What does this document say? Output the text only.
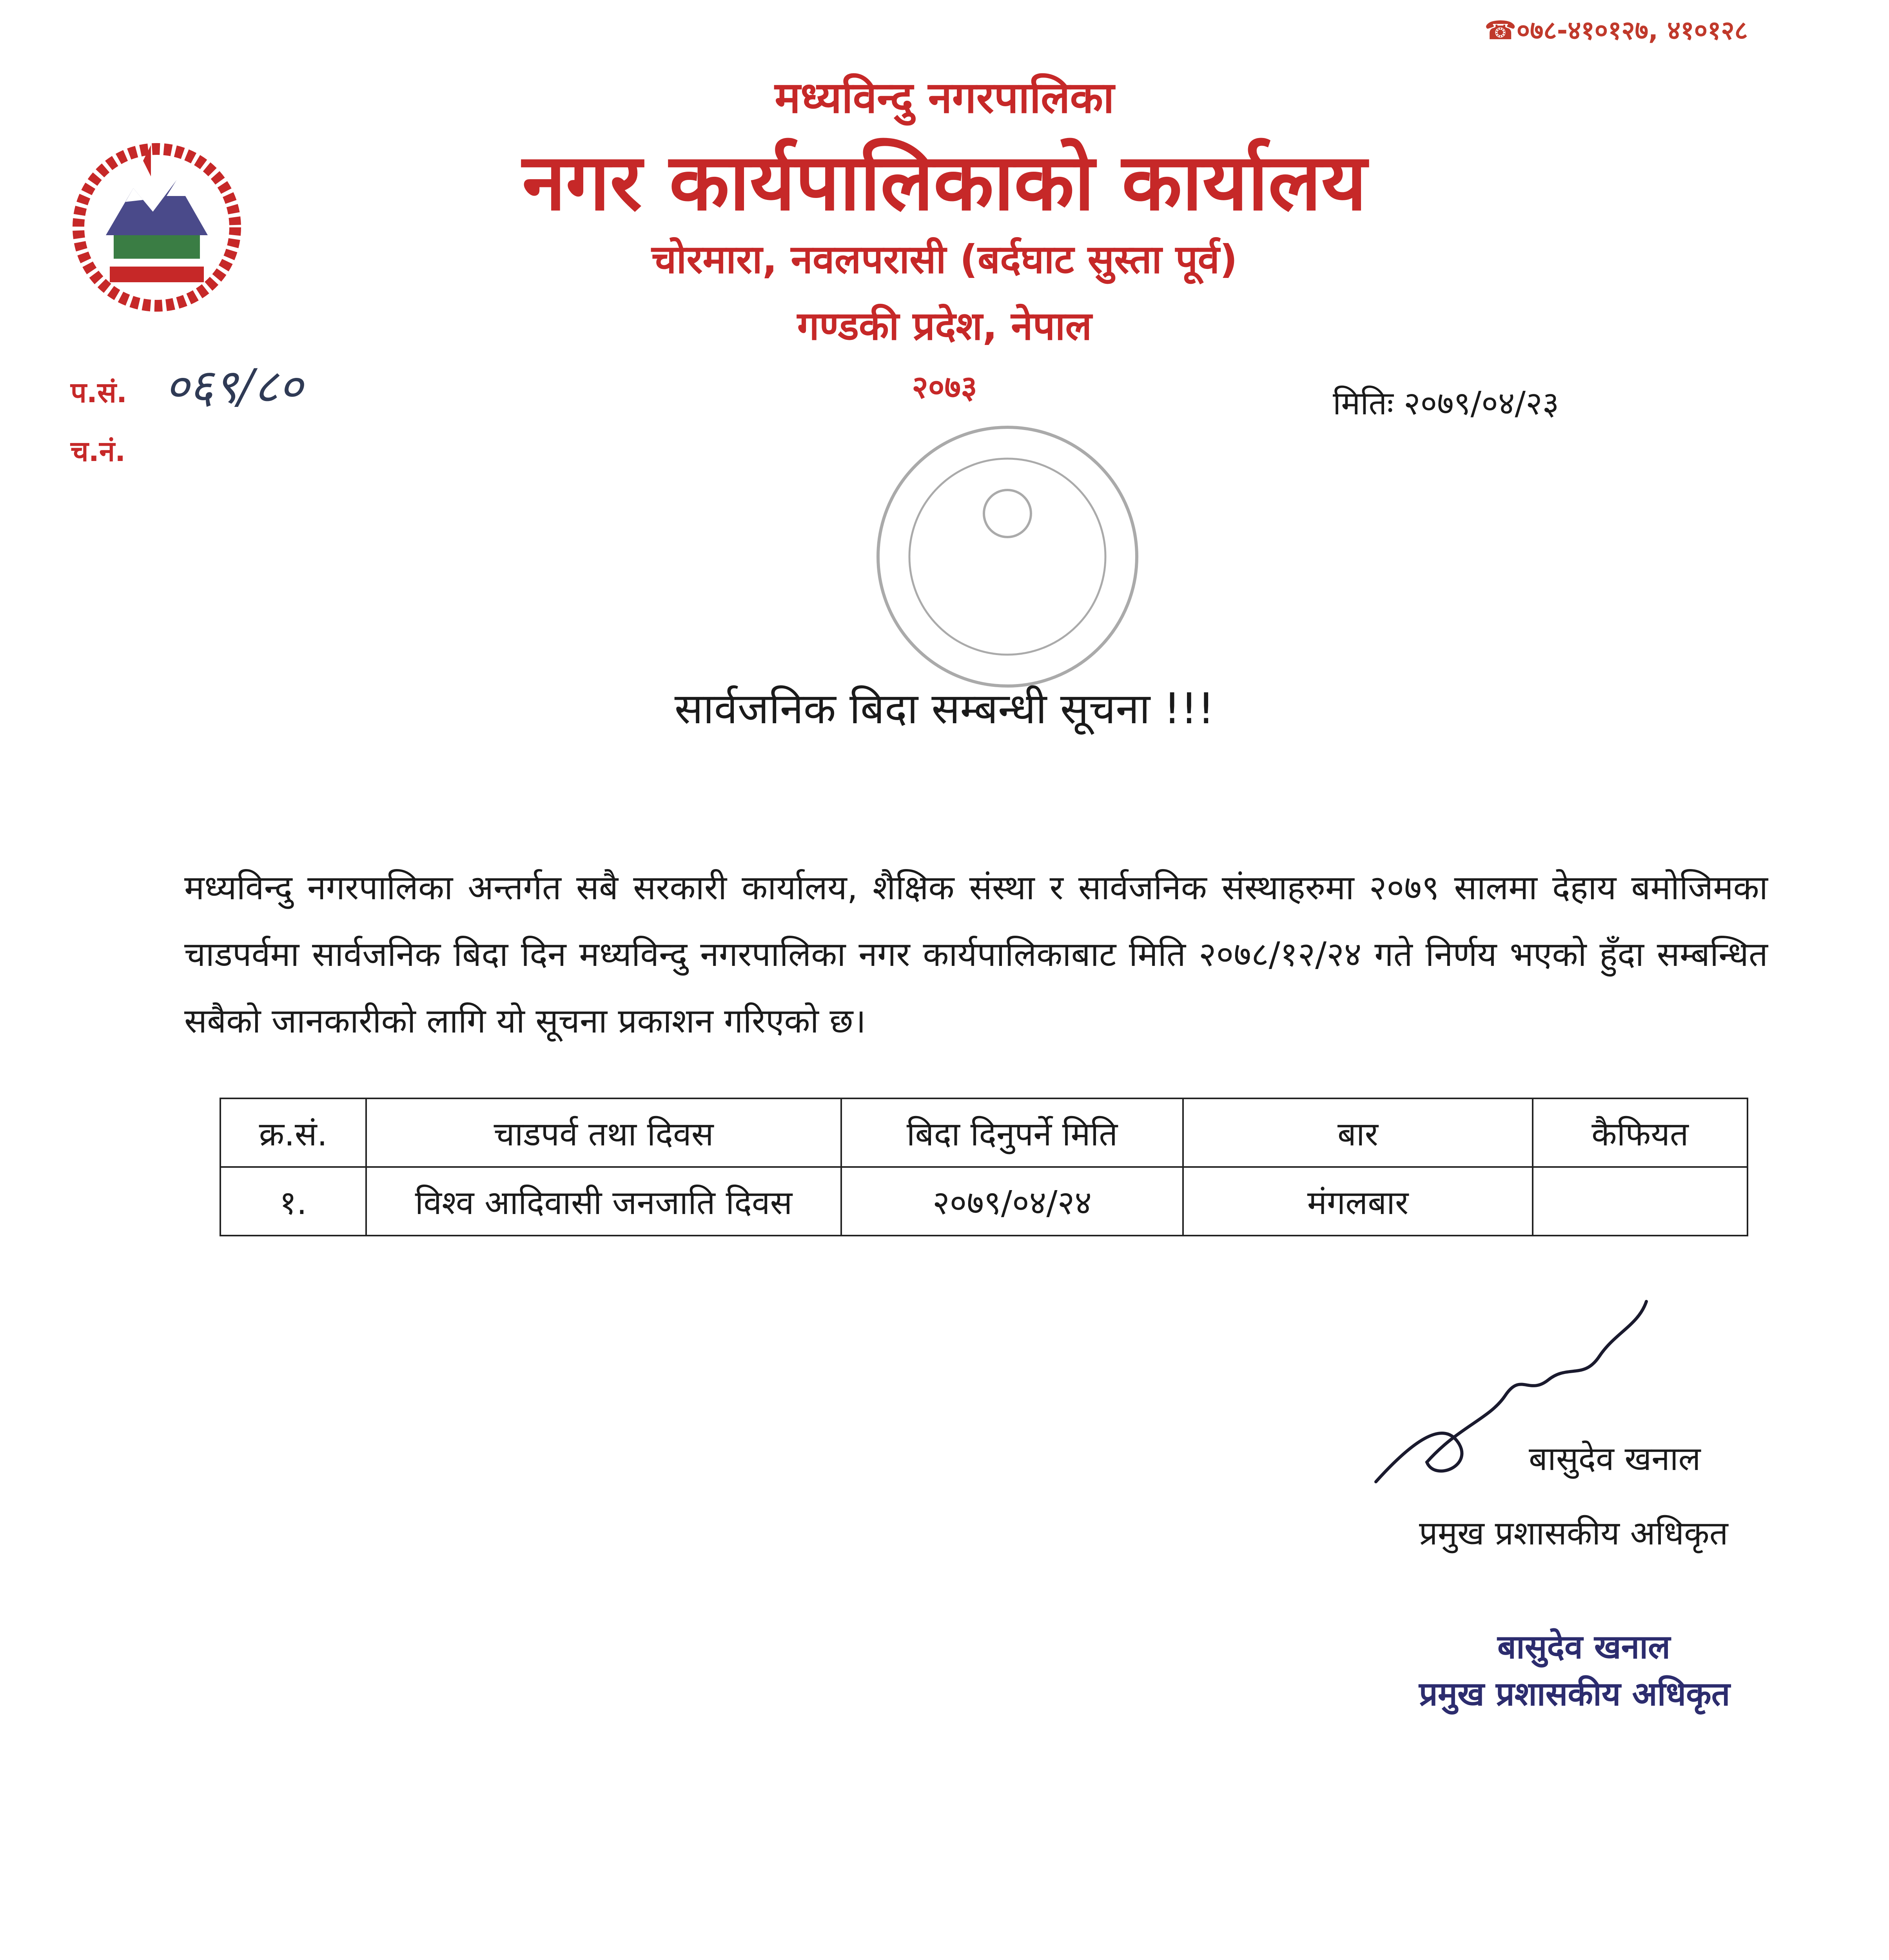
☎०७८-४१०१२७, ४१०१२८
मध्यविन्दु नगरपालिका
नगर कार्यपालिकाको कार्यालय
चोरमारा, नवलपरासी (बर्दघाट सुस्ता पूर्व)
गण्डकी प्रदेश, नेपाल
२०७३
प.सं. ०६९/८०
च.नं.
मितिः २०७९/०४/२३
सार्वजनिक बिदा सम्बन्धी सूचना !!!
मध्यविन्दु नगरपालिका अन्तर्गत सबै सरकारी कार्यालय, शैक्षिक संस्था र सार्वजनिक संस्थाहरुमा २०७९ सालमा देहाय बमोजिमका चाडपर्वमा सार्वजनिक बिदा दिन मध्यविन्दु नगरपालिका नगर कार्यपालिकाबाट मिति २०७८/१२/२४ गते निर्णय भएको हुँदा सम्बन्धित सबैको जानकारीको लागि यो सूचना प्रकाशन गरिएको छ।
क्र.सं.	चाडपर्व तथा दिवस	बिदा दिनुपर्ने मिति	बार	कैफियत
१.	विश्व आदिवासी जनजाति दिवस	२०७९/०४/२४	मंगलबार	
बासुदेव खनाल
प्रमुख प्रशासकीय अधिकृत
बासुदेव खनाल
प्रमुख प्रशासकीय अधिकृत
